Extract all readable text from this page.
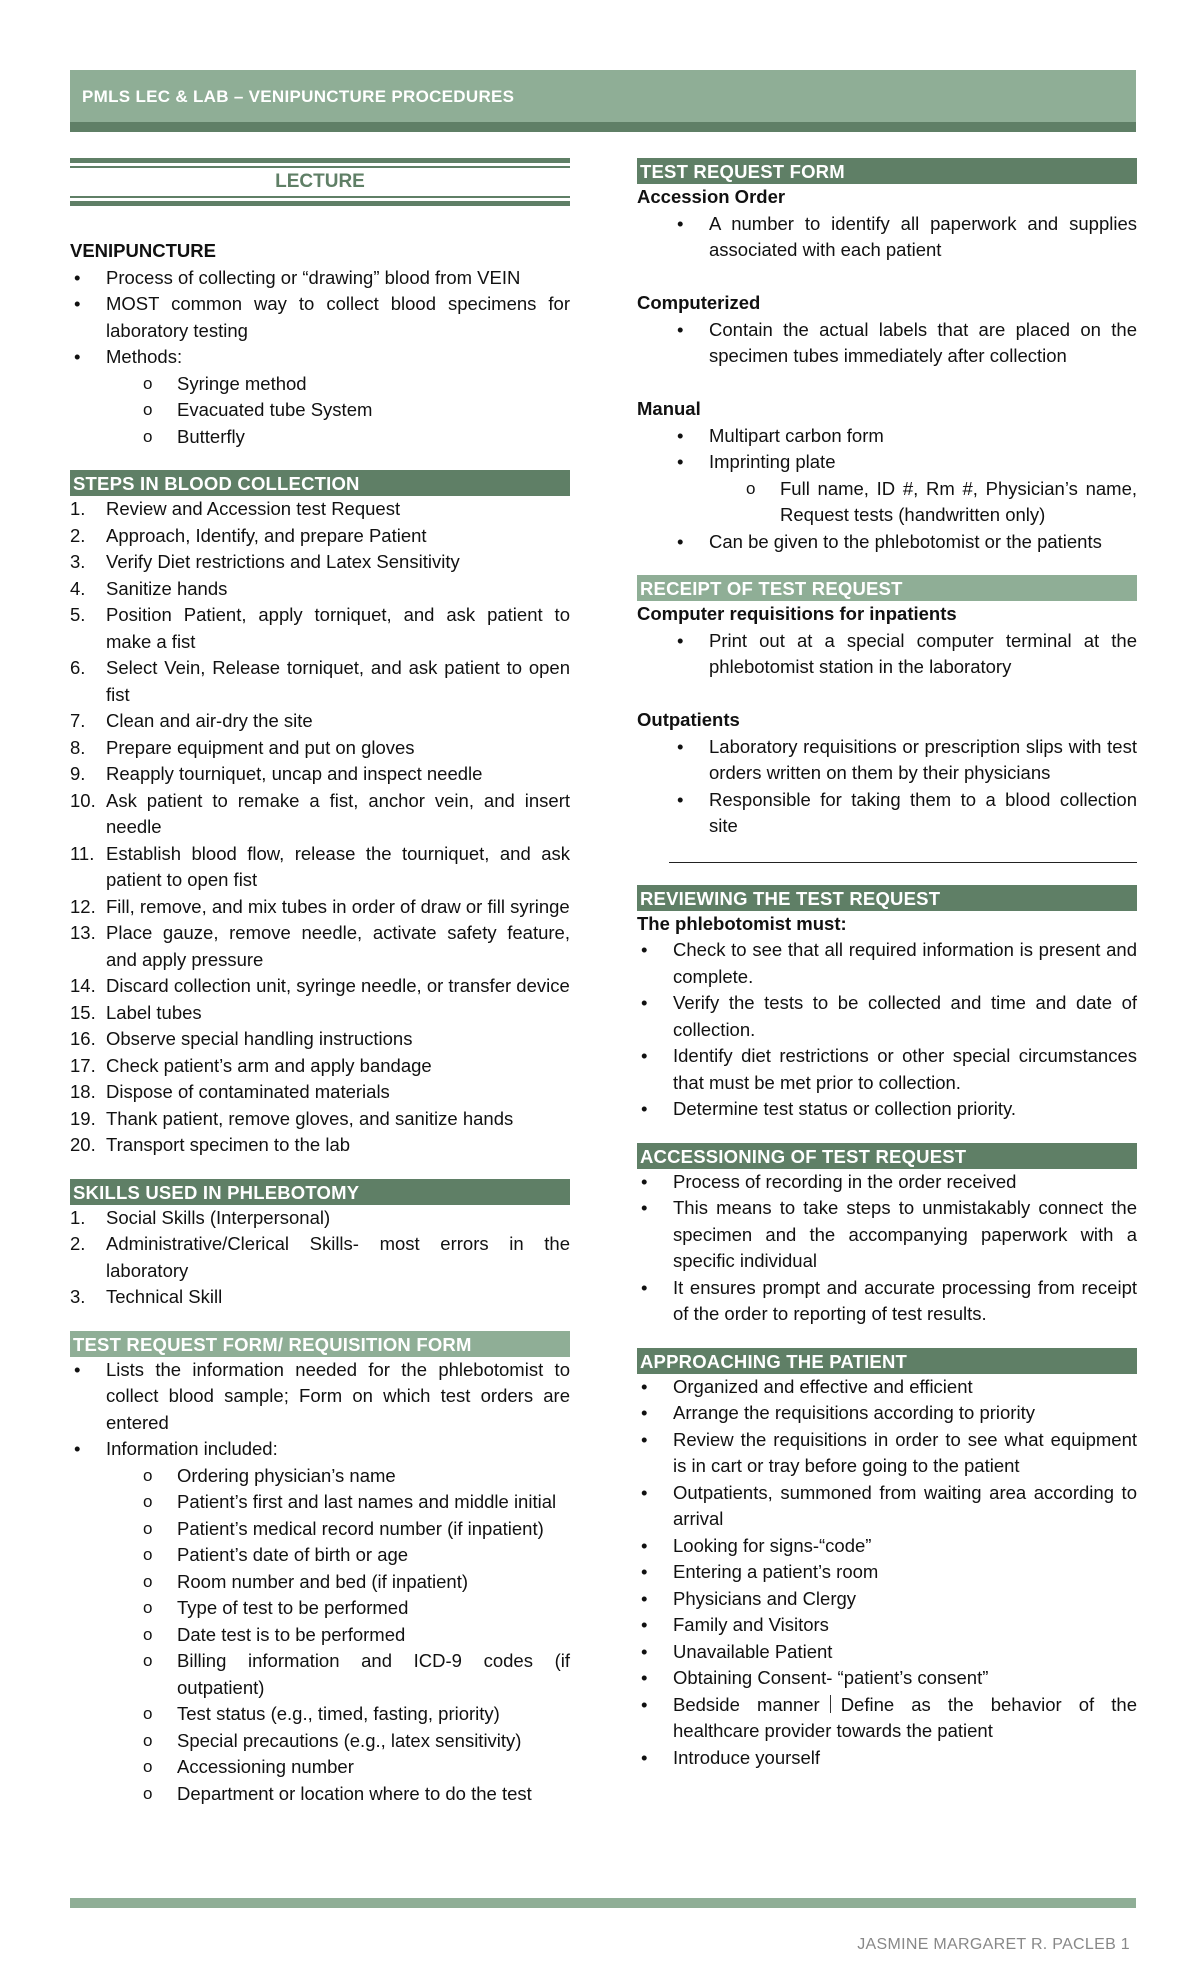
PMLS LEC & LAB – VENIPUNCTURE PROCEDURES
LECTURE
VENIPUNCTURE
• Process of collecting or “drawing” blood from VEIN
• MOST common way to collect blood specimens for laboratory testing
• Methods:
o Syringe method
o Evacuated tube System
o Butterfly
STEPS IN BLOOD COLLECTION
1. Review and Accession test Request
2. Approach, Identify, and prepare Patient
3. Verify Diet restrictions and Latex Sensitivity
4. Sanitize hands
5. Position Patient, apply torniquet, and ask patient to make a fist
6. Select Vein, Release torniquet, and ask patient to open fist
7. Clean and air-dry the site
8. Prepare equipment and put on gloves
9. Reapply tourniquet, uncap and inspect needle
10. Ask patient to remake a fist, anchor vein, and insert needle
11. Establish blood flow, release the tourniquet, and ask patient to open fist
12. Fill, remove, and mix tubes in order of draw or fill syringe
13. Place gauze, remove needle, activate safety feature, and apply pressure
14. Discard collection unit, syringe needle, or transfer device
15. Label tubes
16. Observe special handling instructions
17. Check patient’s arm and apply bandage
18. Dispose of contaminated materials
19. Thank patient, remove gloves, and sanitize hands
20. Transport specimen to the lab
SKILLS USED IN PHLEBOTOMY
1. Social Skills (Interpersonal)
2. Administrative/Clerical Skills- most errors in the laboratory
3. Technical Skill
TEST REQUEST FORM/ REQUISITION FORM
• Lists the information needed for the phlebotomist to collect blood sample; Form on which test orders are entered
• Information included:
o Ordering physician’s name
o Patient’s first and last names and middle initial
o Patient’s medical record number (if inpatient)
o Patient’s date of birth or age
o Room number and bed (if inpatient)
o Type of test to be performed
o Date test is to be performed
o Billing information and ICD-9 codes (if outpatient)
o Test status (e.g., timed, fasting, priority)
o Special precautions (e.g., latex sensitivity)
o Accessioning number
o Department or location where to do the test
TEST REQUEST FORM
Accession Order
• A number to identify all paperwork and supplies associated with each patient
Computerized
• Contain the actual labels that are placed on the specimen tubes immediately after collection
Manual
• Multipart carbon form
• Imprinting plate
o Full name, ID #, Rm #, Physician’s name, Request tests (handwritten only)
• Can be given to the phlebotomist or the patients
RECEIPT OF TEST REQUEST
Computer requisitions for inpatients
• Print out at a special computer terminal at the phlebotomist station in the laboratory
Outpatients
• Laboratory requisitions or prescription slips with test orders written on them by their physicians
• Responsible for taking them to a blood collection site
REVIEWING THE TEST REQUEST
The phlebotomist must:
• Check to see that all required information is present and complete.
• Verify the tests to be collected and time and date of collection.
• Identify diet restrictions or other special circumstances that must be met prior to collection.
• Determine test status or collection priority.
ACCESSIONING OF TEST REQUEST
• Process of recording in the order received
• This means to take steps to unmistakably connect the specimen and the accompanying paperwork with a specific individual
• It ensures prompt and accurate processing from receipt of the order to reporting of test results.
APPROACHING THE PATIENT
• Organized and effective and efficient
• Arrange the requisitions according to priority
• Review the requisitions in order to see what equipment is in cart or tray before going to the patient
• Outpatients, summoned from waiting area according to arrival
• Looking for signs-“code”
• Entering a patient’s room
• Physicians and Clergy
• Family and Visitors
• Unavailable Patient
• Obtaining Consent- “patient’s consent”
• Bedside manner Define as the behavior of the healthcare provider towards the patient
• Introduce yourself
JASMINE MARGARET R. PACLEB 1
